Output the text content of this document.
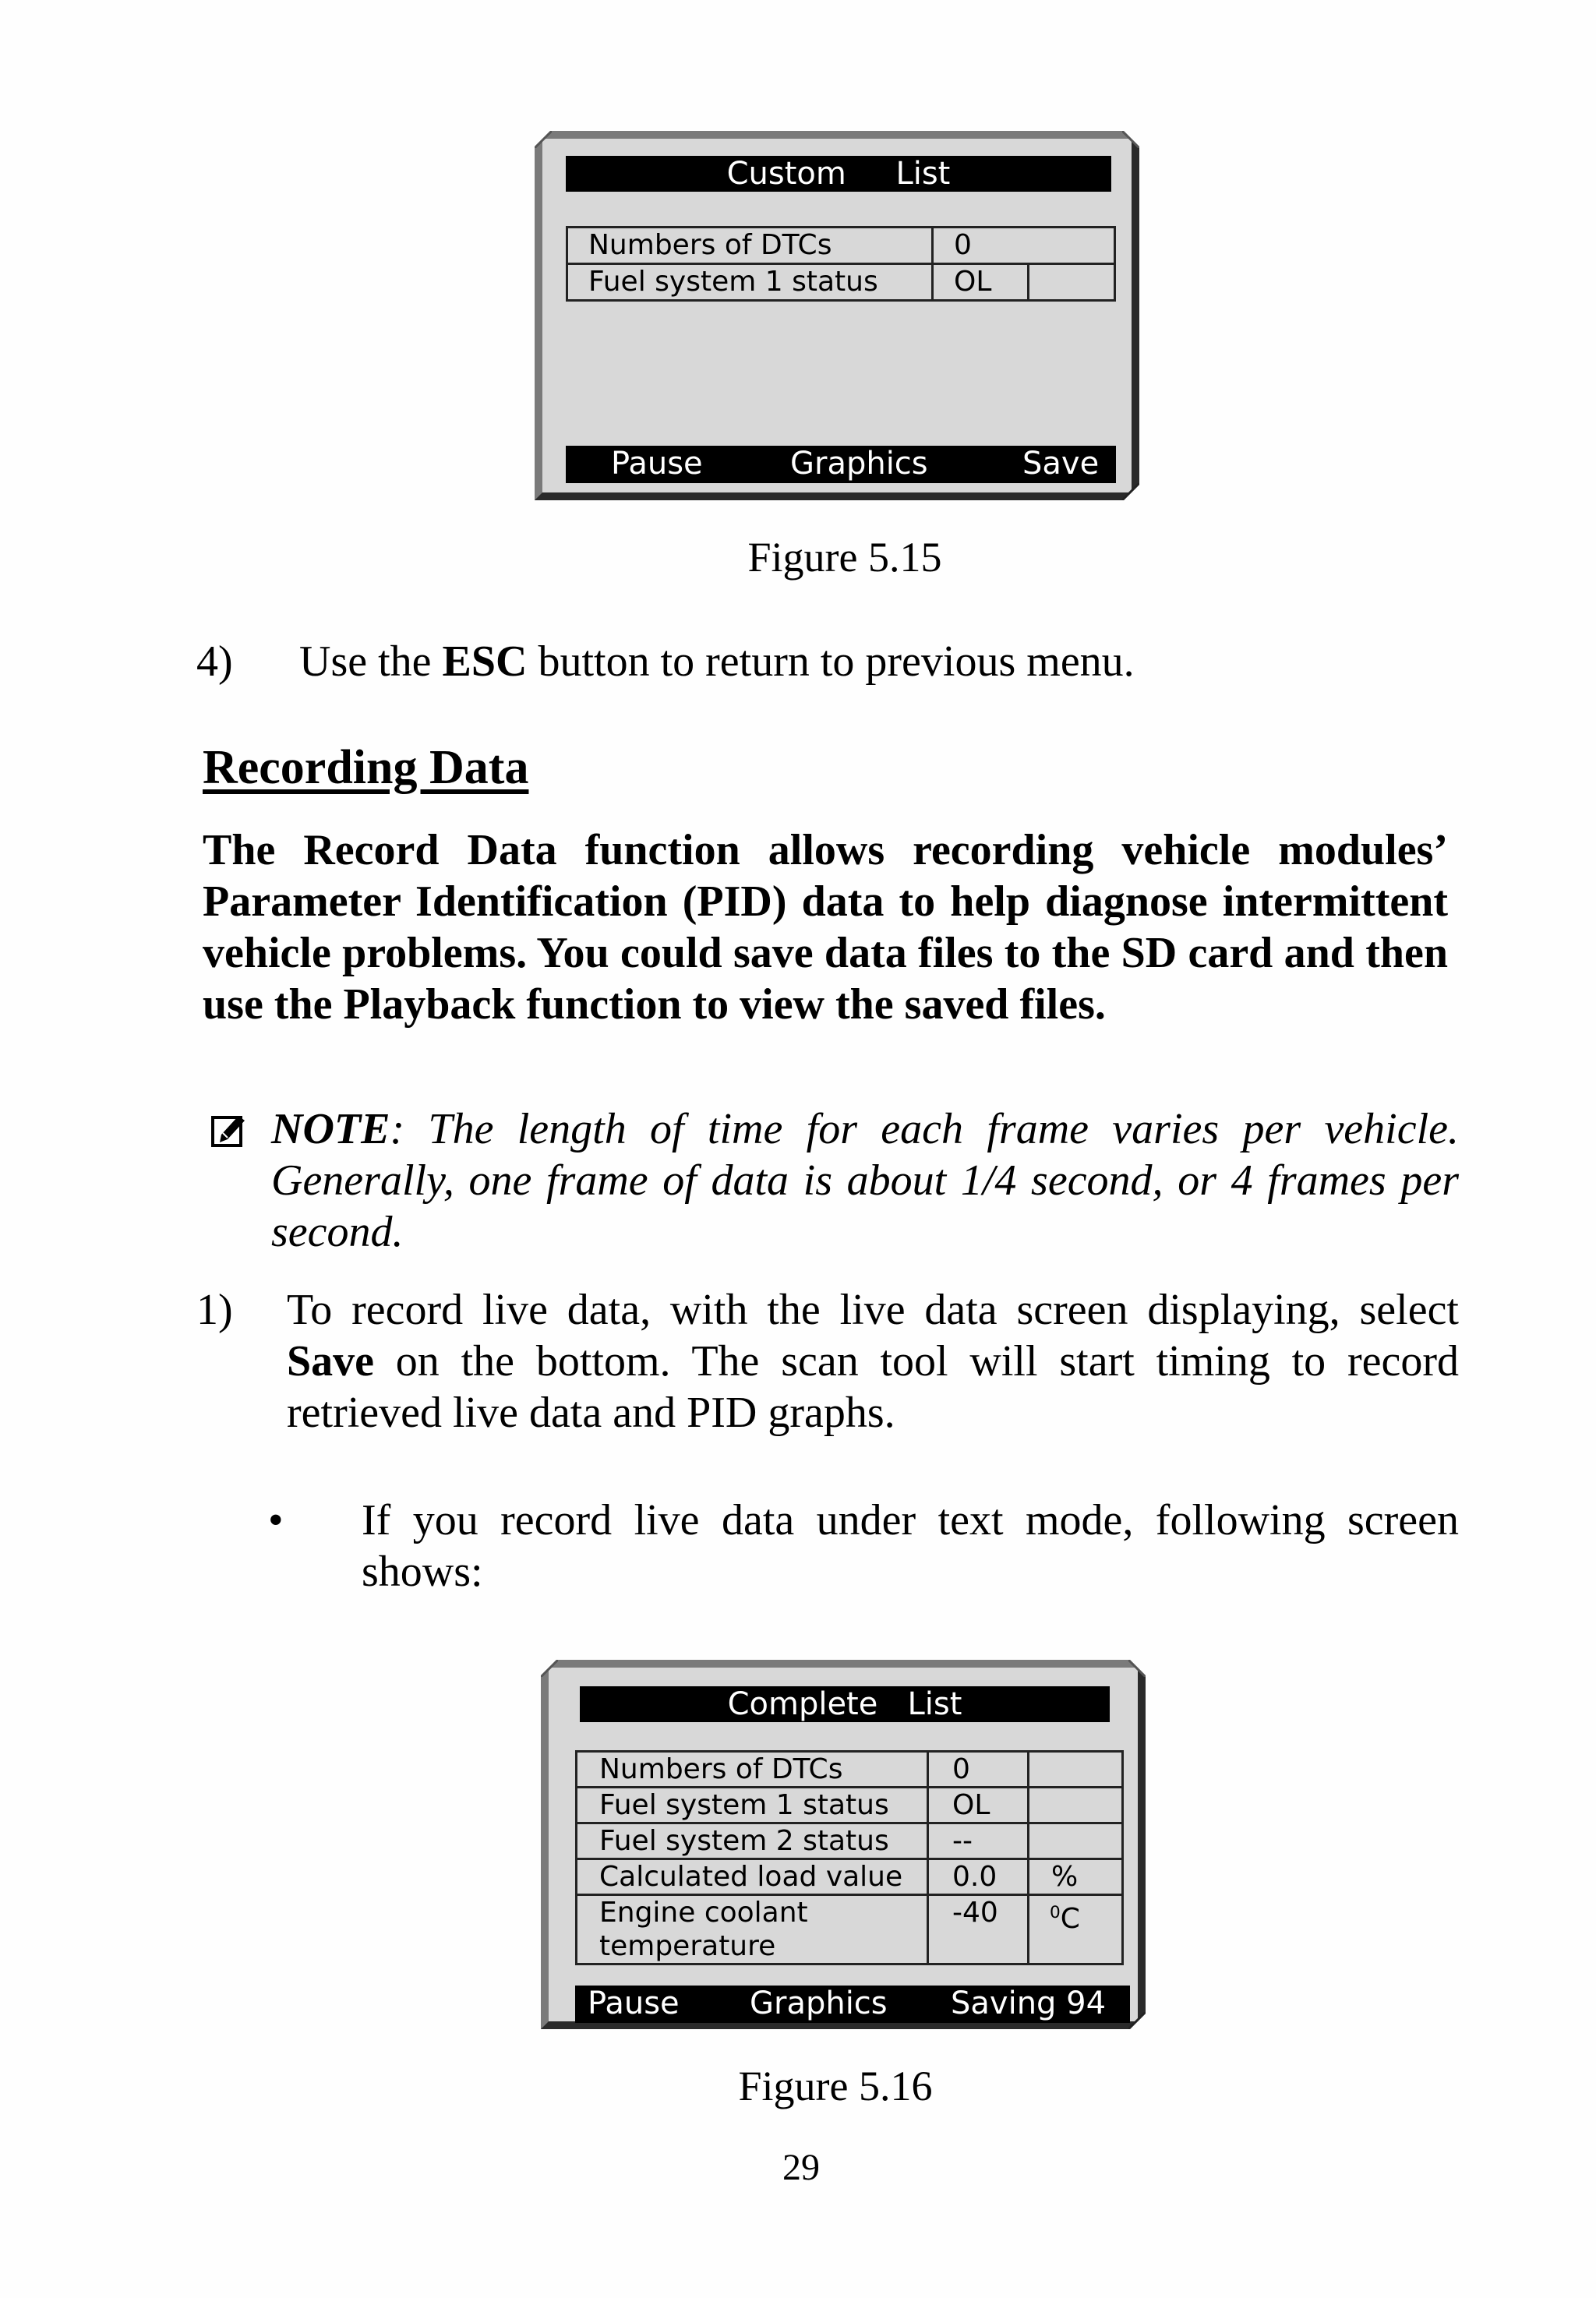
Custom     List
Numbers of DTCs	0	
Fuel system 1 status	OL	
Pause	Graphics	Save
Figure 5.15
4) Use the ESC button to return to previous menu.
Recording Data
The Record Data function allows recording vehicle modules’ Parameter Identification (PID) data to help diagnose intermittent vehicle problems. You could save data files to the SD card and then use the Playback function to view the saved files.
NOTE: The length of time for each frame varies per vehicle. Generally, one frame of data is about 1/4 second, or 4 frames per second.
1) To record live data, with the live data screen displaying, select Save on the bottom. The scan tool will start timing to record retrieved live data and PID graphs.
• If you record live data under text mode, following screen shows:
Complete   List
Numbers of DTCs	0	
Fuel system 1 status	OL	
Fuel system 2 status	--	
Calculated load value	0.0	%
Engine coolant
temperature	-40	$^0$C
Pause Graphics Saving 94
Figure 5.16
29
